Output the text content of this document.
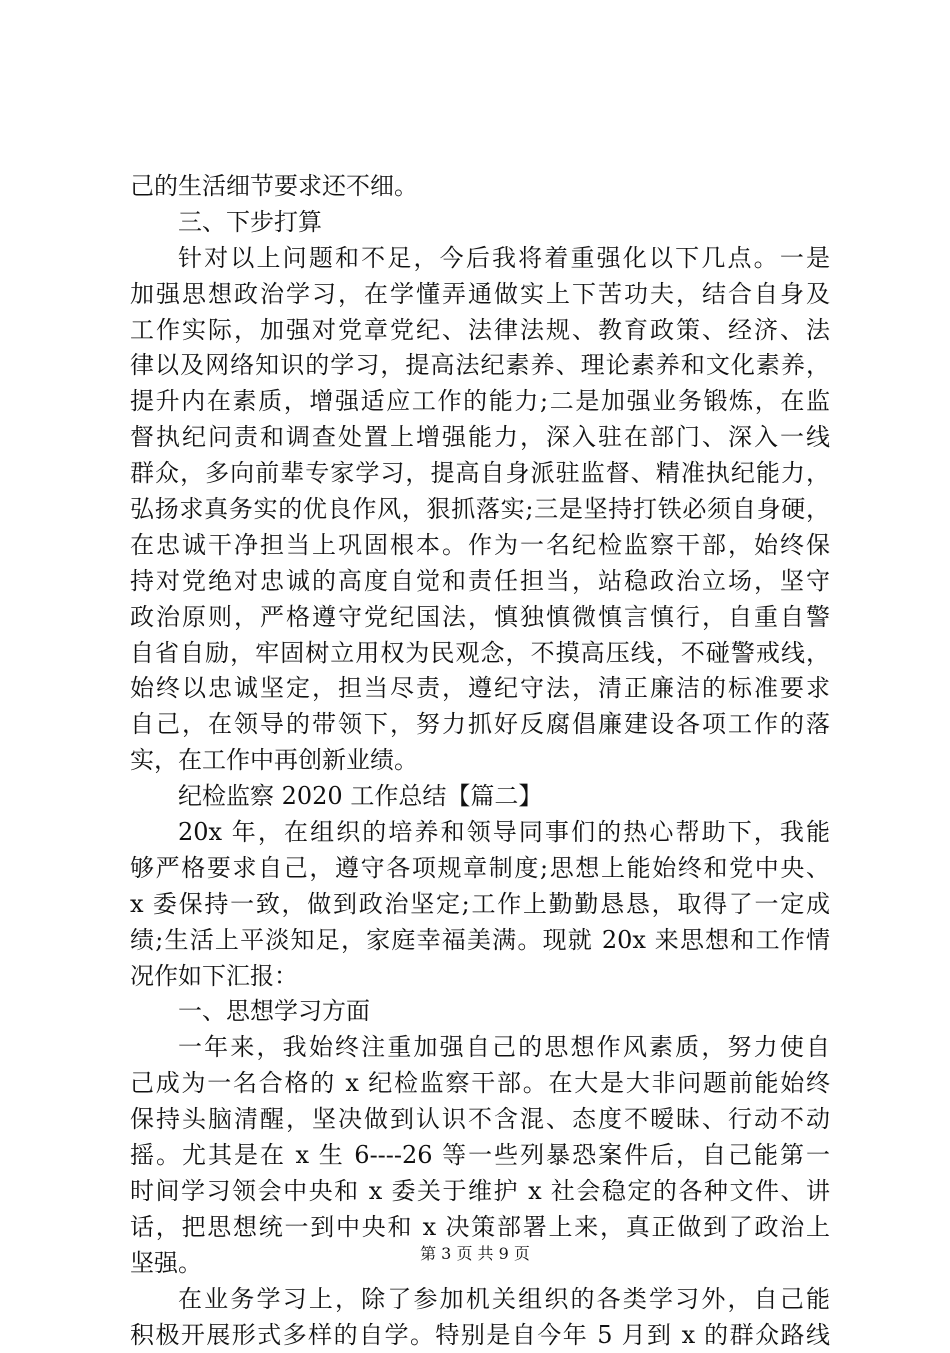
己的生活细节要求还不细。
三、下步打算
针对以上问题和不足，今后我将着重强化以下几点。一是
加强思想政治学习，在学懂弄通做实上下苦功夫，结合自身及
工作实际，加强对党章党纪、法律法规、教育政策、经济、法
律以及网络知识的学习，提高法纪素养、理论素养和文化素养，
提升内在素质，增强适应工作的能力;二是加强业务锻炼，在监
督执纪问责和调查处置上增强能力，深入驻在部门、深入一线
群众，多向前辈专家学习，提高自身派驻监督、精准执纪能力，
弘扬求真务实的优良作风，狠抓落实;三是坚持打铁必须自身硬，
在忠诚干净担当上巩固根本。作为一名纪检监察干部，始终保
持对党绝对忠诚的高度自觉和责任担当，站稳政治立场，坚守
政治原则，严格遵守党纪国法，慎独慎微慎言慎行，自重自警
自省自励，牢固树立用权为民观念，不摸高压线，不碰警戒线，
始终以忠诚坚定，担当尽责，遵纪守法，清正廉洁的标准要求
自己，在领导的带领下，努力抓好反腐倡廉建设各项工作的落
实，在工作中再创新业绩。
纪检监察 2020 工作总结【篇二】
20x 年，在组织的培养和领导同事们的热心帮助下，我能
够严格要求自己，遵守各项规章制度;思想上能始终和党中央、
x 委保持一致，做到政治坚定;工作上勤勤恳恳，取得了一定成
绩;生活上平淡知足，家庭幸福美满。现就 20x 来思想和工作情
况作如下汇报：
一、思想学习方面
一年来，我始终注重加强自己的思想作风素质，努力使自
己成为一名合格的 x 纪检监察干部。在大是大非问题前能始终
保持头脑清醒，坚决做到认识不含混、态度不暧昧、行动不动
摇。尤其是在 x 生 6----26 等一些列暴恐案件后，自己能第一
时间学习领会中央和 x 委关于维护 x 社会稳定的各种文件、讲
话，把思想统一到中央和 x 决策部署上来，真正做到了政治上
坚强。
在业务学习上，除了参加机关组织的各类学习外，自己能
积极开展形式多样的自学。特别是自今年 5 月到 x 的群众路线
第 3 页 共 9 页
